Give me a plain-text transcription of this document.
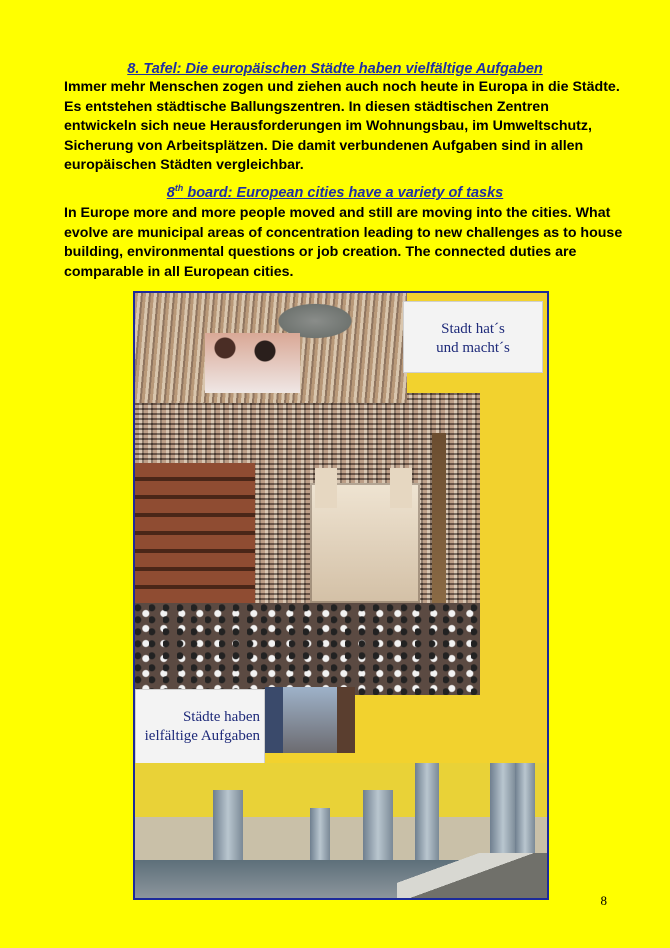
8. Tafel: Die europäischen Städte haben vielfältige Aufgaben
Immer mehr Menschen zogen und ziehen auch noch heute in Europa in die Städte. Es entstehen städtische Ballungszentren. In diesen städtischen Zentren entwickeln sich neue Herausforderungen im Wohnungsbau, im Umweltschutz, Sicherung von Arbeitsplätzen. Die damit verbundenen Aufgaben sind in allen europäischen Städten vergleichbar.
8th board: European cities have a variety of tasks
In Europe more and more people moved and still are moving into the cities. What evolve are municipal areas of concentration leading to new challenges as to house building, environmental questions or job creation. The connected duties are comparable in all European cities.
Stadt hat´s
und macht´s
Städte haben
ielfältige Aufgaben
8
